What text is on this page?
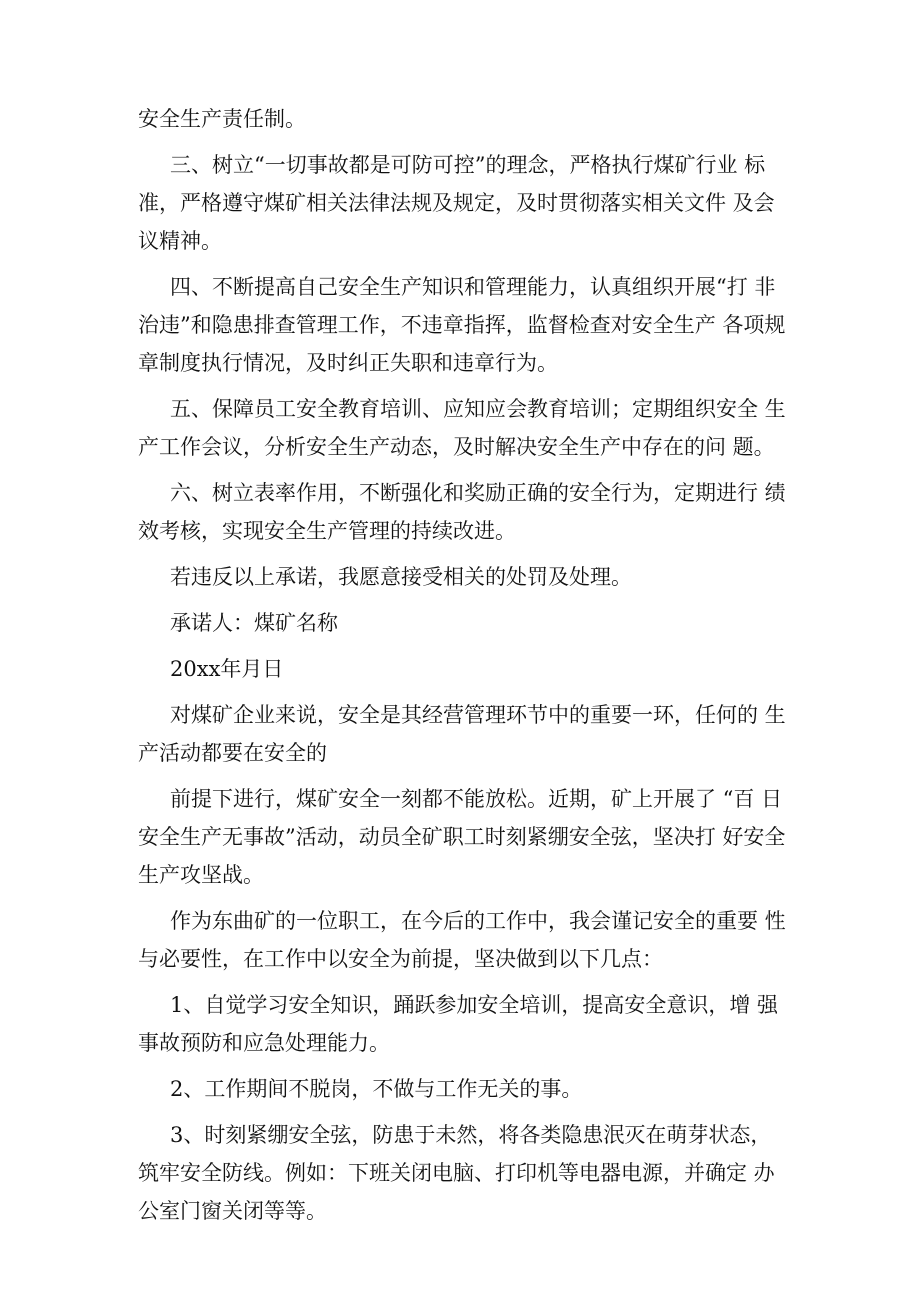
安全生产责任制。

三、树立“一切事故都是可防可控”的理念，严格执行煤矿行业 标准，严格遵守煤矿相关法律法规及规定，及时贯彻落实相关文件 及会议精神。

四、不断提高自己安全生产知识和管理能力，认真组织开展“打 非治违”和隐患排查管理工作，不违章指挥，监督检查对安全生产 各项规章制度执行情况，及时纠正失职和违章行为。

五、保障员工安全教育培训、应知应会教育培训；定期组织安全 生产工作会议，分析安全生产动态，及时解决安全生产中存在的问 题。

六、树立表率作用，不断强化和奖励正确的安全行为，定期进行 绩效考核，实现安全生产管理的持续改进。

若违反以上承诺，我愿意接受相关的处罚及处理。

承诺人：煤矿名称

20xx年月日

对煤矿企业来说，安全是其经营管理环节中的重要一环，任何的 生产活动都要在安全的

前提下进行，煤矿安全一刻都不能放松。近期，矿上开展了 “百 日安全生产无事故”活动，动员全矿职工时刻紧绷安全弦，坚决打 好安全生产攻坚战。

作为东曲矿的一位职工，在今后的工作中，我会谨记安全的重要 性与必要性，在工作中以安全为前提，坚决做到以下几点：

1、自觉学习安全知识，踊跃参加安全培训，提高安全意识，增 强事故预防和应急处理能力。

2、工作期间不脱岗，不做与工作无关的事。

3、时刻紧绷安全弦，防患于未然，将各类隐患泯灭在萌芽状态，筑牢安全防线。例如：下班关闭电脑、打印机等电器电源，并确定 办公室门窗关闭等等。
